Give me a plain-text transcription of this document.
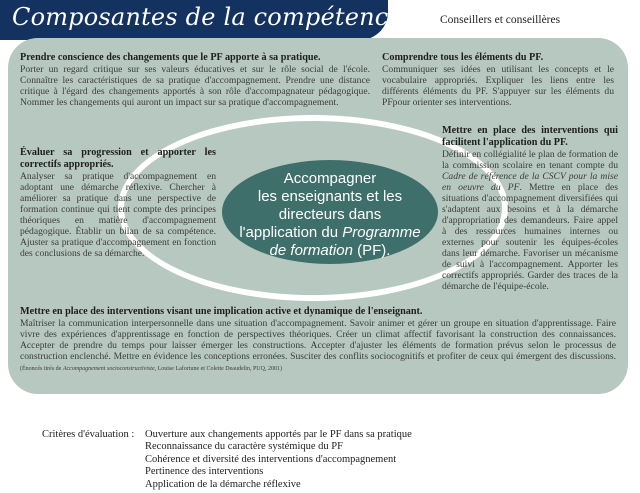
Composantes de la compétence	Conseillers et conseillères
Accompagner
les enseignants et les
directeurs dans
l'application du Programme
de formation (PF).
Prendre conscience des changements que le PF apporte à sa pratique.

Porter un regard critique sur ses valeurs éducatives et sur le rôle social de l'école. Connaître les caractéristiques de sa pratique d'accompagnement. Prendre une distance critique à l'égard des changements apportés à son rôle d'accompagnateur pédagogique. Nommer les changements qui auront un impact sur sa pratique d'accompagnement.

Comprendre tous les éléments du PF.

Communiquer ses idées en utilisant les concepts et le vocabulaire appropriés. Expliquer les liens entre les différents éléments du PF. S'appuyer sur les éléments du PFpour orienter ses interventions.

Évaluer sa progression et apporter les correctifs appropriés.

Analyser sa pratique d'accompagnement en adoptant une démarche réflexive. Chercher à améliorer sa pratique dans une perspective de formation continue qui tient compte des principes théoriques en matière d'accompagnement pédagogique. Établir un bilan de sa compétence. Ajuster sa pratique d'accompagnement en fonction des conclusions de sa démarche.

Mettre en place des interventions qui facilitent l'application du PF.

Définir en collégialité le plan de formation de la commission scolaire en tenant compte du Cadre de référence de la CSCV pour la mise en oeuvre du PF. Mettre en place des situations d'accompagnement diversifiées qui s'adaptent aux besoins et à la démarche d'appropriation des demandeurs. Faire appel à des ressources humaines internes ou externes pour soutenir les équipes-écoles dans leur démarche. Favoriser un mécanisme de suivi à l'accompagnement. Apporter les correctifs appropriés. Garder des traces de la démarche de l'équipe-école.

Mettre en place des interventions visant une implication active et dynamique de l'enseignant.

Maîtriser la communication interpersonnelle dans une situation d'accompagnement. Savoir animer et gérer un groupe en situation d'apprentissage. Faire vivre des expériences d'apprentissage en fonction de perspectives théoriques. Créer un climat affectif favorisant la construction des connaissances. Accepter de prendre du temps pour laisser émerger les constructions. Accepter d'ajuster les éléments de formation prévus selon le processus de construction enclenché. Mettre en évidence les conceptions erronées. Susciter des conflits sociocognitifs et profiter de ceux qui émergent des discussions. (Énoncés tirés de Accompagnement socioconstructiviste, Louise Lafortune et Colette Deaudelin, PUQ, 2001)

Critères d'évaluation :	Ouverture aux changements apportés par le PF dans sa pratique
Reconnaissance du caractère systémique du PF
Cohérence et diversité des interventions d'accompagnement
Pertinence des interventions
Application de la démarche réflexive
